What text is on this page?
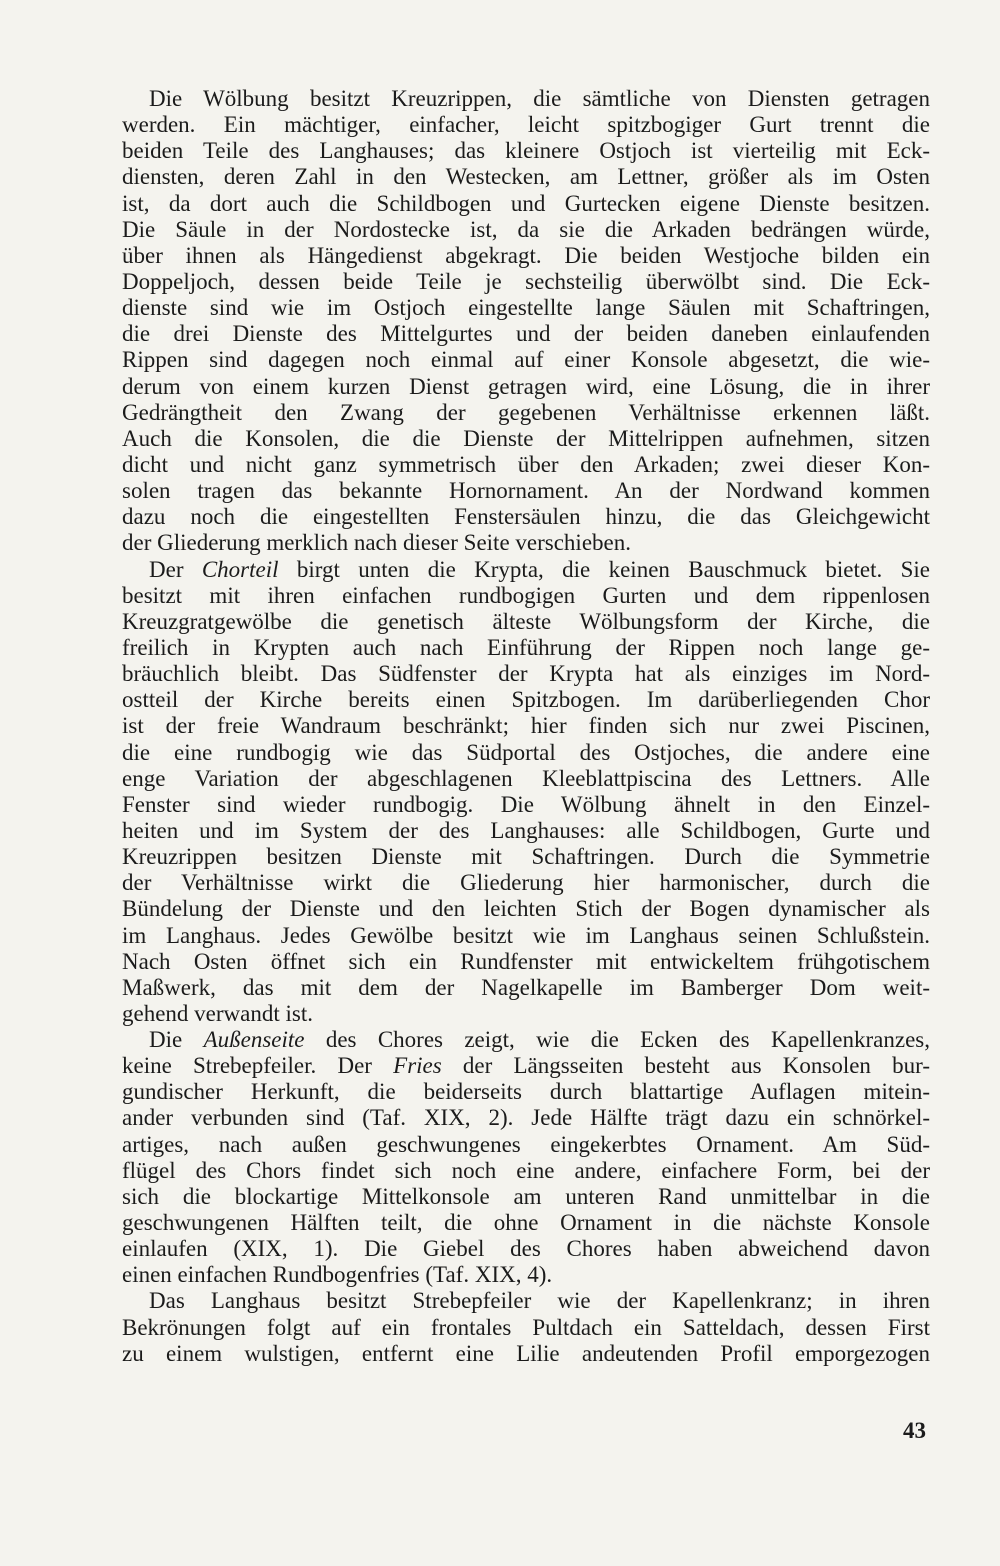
Die Wölbung besitzt Kreuzrippen, die sämtliche von Diensten getragen
werden. Ein mächtiger, einfacher, leicht spitzbogiger Gurt trennt die
beiden Teile des Langhauses; das kleinere Ostjoch ist vierteilig mit Eck-
diensten, deren Zahl in den Westecken, am Lettner, größer als im Osten
ist, da dort auch die Schildbogen und Gurtecken eigene Dienste besitzen.
Die Säule in der Nordostecke ist, da sie die Arkaden bedrängen würde,
über ihnen als Hängedienst abgekragt. Die beiden Westjoche bilden ein
Doppeljoch, dessen beide Teile je sechsteilig überwölbt sind. Die Eck-
dienste sind wie im Ostjoch eingestellte lange Säulen mit Schaftringen,
die drei Dienste des Mittelgurtes und der beiden daneben einlaufenden
Rippen sind dagegen noch einmal auf einer Konsole abgesetzt, die wie-
derum von einem kurzen Dienst getragen wird, eine Lösung, die in ihrer
Gedrängtheit den Zwang der gegebenen Verhältnisse erkennen läßt.
Auch die Konsolen, die die Dienste der Mittelrippen aufnehmen, sitzen
dicht und nicht ganz symmetrisch über den Arkaden; zwei dieser Kon-
solen tragen das bekannte Hornornament. An der Nordwand kommen
dazu noch die eingestellten Fenstersäulen hinzu, die das Gleichgewicht
der Gliederung merklich nach dieser Seite verschieben.
Der Chorteil birgt unten die Krypta, die keinen Bauschmuck bietet. Sie
besitzt mit ihren einfachen rundbogigen Gurten und dem rippenlosen
Kreuzgratgewölbe die genetisch älteste Wölbungsform der Kirche, die
freilich in Krypten auch nach Einführung der Rippen noch lange ge-
bräuchlich bleibt. Das Südfenster der Krypta hat als einziges im Nord-
ostteil der Kirche bereits einen Spitzbogen. Im darüberliegenden Chor
ist der freie Wandraum beschränkt; hier finden sich nur zwei Piscinen,
die eine rundbogig wie das Südportal des Ostjoches, die andere eine
enge Variation der abgeschlagenen Kleeblattpiscina des Lettners. Alle
Fenster sind wieder rundbogig. Die Wölbung ähnelt in den Einzel-
heiten und im System der des Langhauses: alle Schildbogen, Gurte und
Kreuzrippen besitzen Dienste mit Schaftringen. Durch die Symmetrie
der Verhältnisse wirkt die Gliederung hier harmonischer, durch die
Bündelung der Dienste und den leichten Stich der Bogen dynamischer als
im Langhaus. Jedes Gewölbe besitzt wie im Langhaus seinen Schlußstein.
Nach Osten öffnet sich ein Rundfenster mit entwickeltem frühgotischem
Maßwerk, das mit dem der Nagelkapelle im Bamberger Dom weit-
gehend verwandt ist.
Die Außenseite des Chores zeigt, wie die Ecken des Kapellenkranzes,
keine Strebepfeiler. Der Fries der Längsseiten besteht aus Konsolen bur-
gundischer Herkunft, die beiderseits durch blattartige Auflagen mitein-
ander verbunden sind (Taf. XIX, 2). Jede Hälfte trägt dazu ein schnörkel-
artiges, nach außen geschwungenes eingekerbtes Ornament. Am Süd-
flügel des Chors findet sich noch eine andere, einfachere Form, bei der
sich die blockartige Mittelkonsole am unteren Rand unmittelbar in die
geschwungenen Hälften teilt, die ohne Ornament in die nächste Konsole
einlaufen (XIX, 1). Die Giebel des Chores haben abweichend davon
einen einfachen Rundbogenfries (Taf. XIX, 4).
Das Langhaus besitzt Strebepfeiler wie der Kapellenkranz; in ihren
Bekrönungen folgt auf ein frontales Pultdach ein Satteldach, dessen First
zu einem wulstigen, entfernt eine Lilie andeutenden Profil emporgezogen
43
